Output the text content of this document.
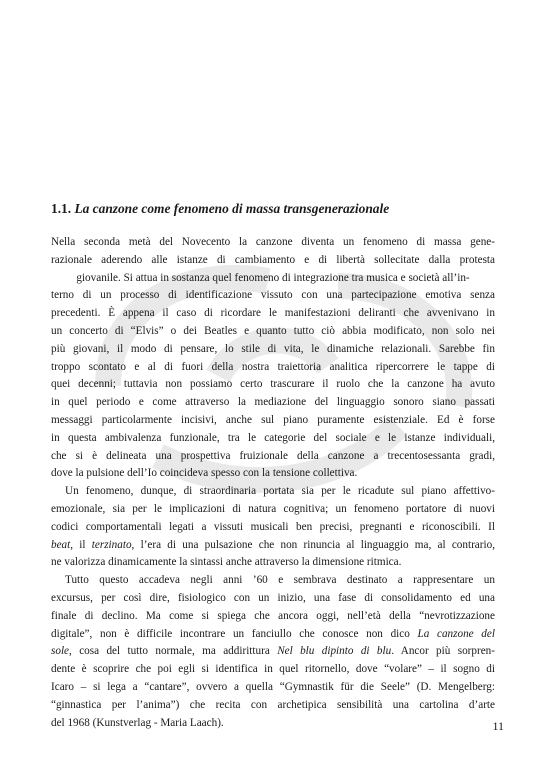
1.1. La canzone come fenomeno di massa transgenerazionale
Nella seconda metà del Novecento la canzone diventa un fenomeno di massa gene-
razionale aderendo alle istanze di cambiamento e di libertà sollecitate dalla protesta
giovanile. Si attua in sostanza quel fenomeno di integrazione tra musica e società all’in-
terno di un processo di identificazione vissuto con una partecipazione emotiva senza
precedenti. È appena il caso di ricordare le manifestazioni deliranti che avvenivano in
un concerto di “Elvis” o dei Beatles e quanto tutto ciò abbia modificato, non solo nei
più giovani, il modo di pensare, lo stile di vita, le dinamiche relazionali. Sarebbe fin
troppo scontato e al di fuori della nostra traiettoria analitica ripercorrere le tappe di
quei decenni; tuttavia non possiamo certo trascurare il ruolo che la canzone ha avuto
in quel periodo e come attraverso la mediazione del linguaggio sonoro siano passati
messaggi particolarmente incisivi, anche sul piano puramente esistenziale. Ed è forse
in questa ambivalenza funzionale, tra le categorie del sociale e le istanze individuali,
che si è delineata una prospettiva fruizionale della canzone a trecentosessanta gradi,
dove la pulsione dell’Io coincideva spesso con la tensione collettiva.
Un fenomeno, dunque, di straordinaria portata sia per le ricadute sul piano affettivo-
emozionale, sia per le implicazioni di natura cognitiva; un fenomeno portatore di nuovi
codici comportamentali legati a vissuti musicali ben precisi, pregnanti e riconoscibili. Il
beat, il terzinato, l’era di una pulsazione che non rinuncia al linguaggio ma, al contrario,
ne valorizza dinamicamente la sintassi anche attraverso la dimensione ritmica.
Tutto questo accadeva negli anni ’60 e sembrava destinato a rappresentare un
excursus, per così dire, fisiologico con un inizio, una fase di consolidamento ed una
finale di declino. Ma come si spiega che ancora oggi, nell’età della “nevrotizzazione
digitale”, non è difficile incontrare un fanciullo che conosce non dico La canzone del
sole, cosa del tutto normale, ma addirittura Nel blu dipinto di blu. Ancor più sorpren-
dente è scoprire che poi egli si identifica in quel ritornello, dove “volare” – il sogno di
Icaro – si lega a “cantare”, ovvero a quella “Gymnastik für die Seele” (D. Mengelberg:
“ginnastica per l’anima”) che recita con archetipica sensibilità una cartolina d’arte
del 1968 (Kunstverlag - Maria Laach).	11
